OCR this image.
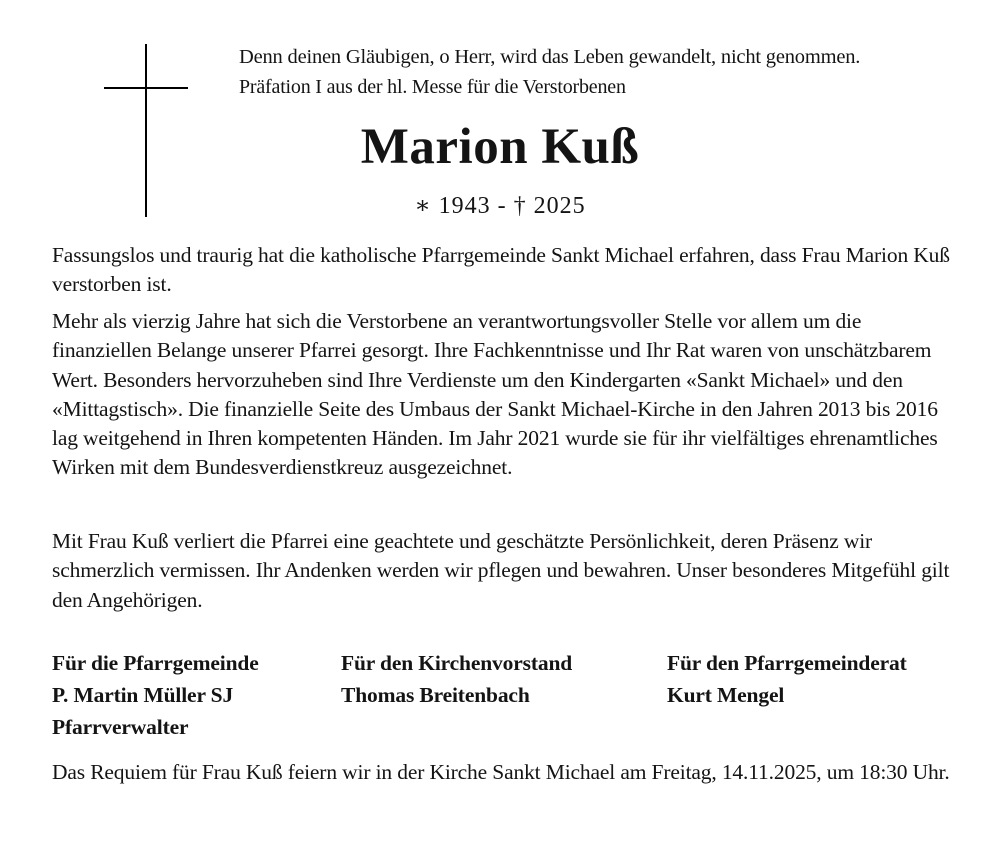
Denn deinen Gläubigen, o Herr, wird das Leben gewandelt, nicht genommen.
Präfation I aus der hl. Messe für die Verstorbenen
Marion Kuß
∗ 1943 - † 2025
Fassungslos und traurig hat die katholische Pfarrgemeinde Sankt Michael erfahren, dass Frau Marion Kuß verstorben ist.
Mehr als vierzig Jahre hat sich die Verstorbene an verantwortungsvoller Stelle vor allem um die finanziellen Belange unserer Pfarrei gesorgt. Ihre Fachkenntnisse und Ihr Rat waren von unschätzbarem Wert. Besonders hervorzuheben sind Ihre Verdienste um den Kindergarten «Sankt Michael» und den «Mittagstisch». Die finanzielle Seite des Umbaus der Sankt Michael-Kirche in den Jahren 2013 bis 2016 lag weitgehend in Ihren kompetenten Händen. Im Jahr 2021 wurde sie für ihr vielfältiges ehrenamtliches Wirken mit dem Bundesverdienstkreuz ausgezeichnet.
Mit Frau Kuß verliert die Pfarrei eine geachtete und geschätzte Persönlichkeit, deren Präsenz wir schmerzlich vermissen. Ihr Andenken werden wir pflegen und bewahren. Unser besonderes Mitgefühl gilt den Angehörigen.
Für die Pfarrgemeinde
P. Martin Müller SJ
Pfarrverwalter
Für den Kirchenvorstand
Thomas Breitenbach
Für den Pfarrgemeinderat
Kurt Mengel
Das Requiem für Frau Kuß feiern wir in der Kirche Sankt Michael am Freitag, 14.11.2025, um 18:30 Uhr.
